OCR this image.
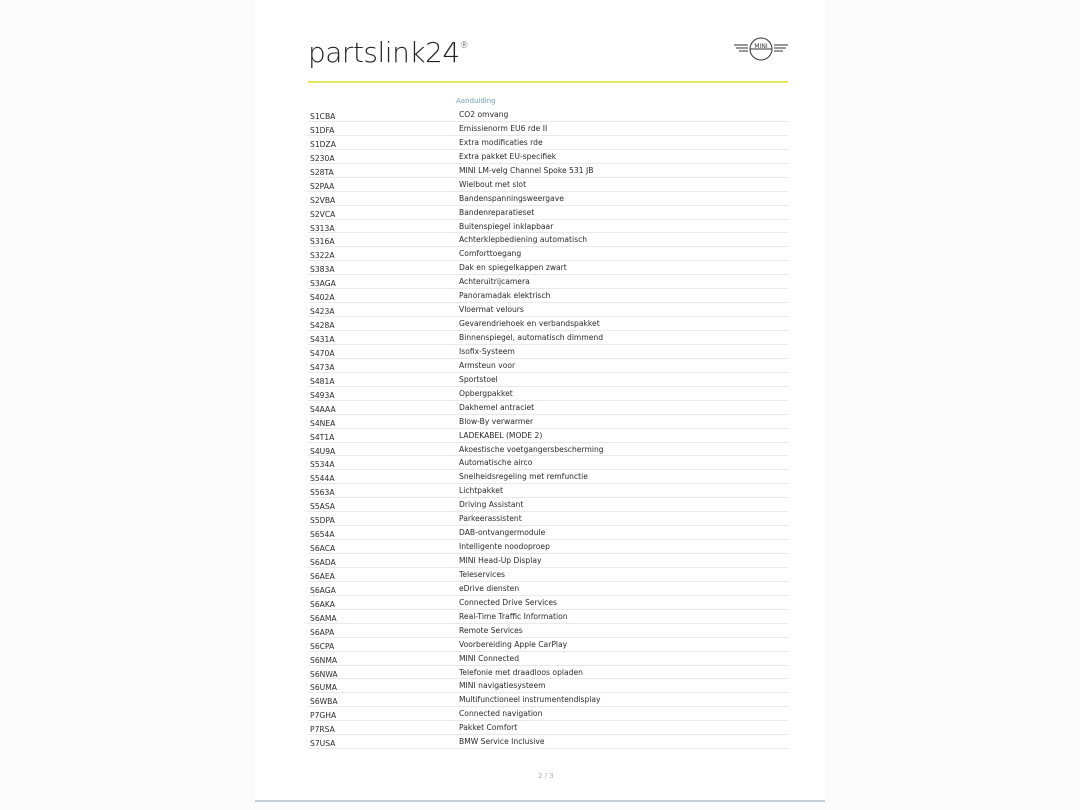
partslink24®	MINI
Aanduiding
S1CBA	CO2 omvang
S1DFA	Emissienorm EU6 rde II
S1DZA	Extra modificaties rde
S230A	Extra pakket EU-specifiek
S28TA	MINI LM-velg Channel Spoke 531 JB
S2PAA	Wielbout met slot
S2VBA	Bandenspanningsweergave
S2VCA	Bandenreparatieset
S313A	Buitenspiegel inklapbaar
S316A	Achterklepbediening automatisch
S322A	Comforttoegang
S383A	Dak en spiegelkappen zwart
S3AGA	Achteruitrijcamera
S402A	Panoramadak elektrisch
S423A	Vloermat velours
S428A	Gevarendriehoek en verbandspakket
S431A	Binnenspiegel, automatisch dimmend
S470A	Isofix-Systeem
S473A	Armsteun voor
S481A	Sportstoel
S493A	Opbergpakket
S4AAA	Dakhemel antraciet
S4NEA	Blow-By verwarmer
S4T1A	LADEKABEL (MODE 2)
S4U9A	Akoestische voetgangersbescherming
S534A	Automatische airco
S544A	Snelheidsregeling met remfunctie
S563A	Lichtpakket
S5ASA	Driving Assistant
S5DPA	Parkeerassistent
S654A	DAB-ontvangermodule
S6ACA	Intelligente noodoproep
S6ADA	MINI Head-Up Display
S6AEA	Teleservices
S6AGA	eDrive diensten
S6AKA	Connected Drive Services
S6AMA	Real-Time Traffic Information
S6APA	Remote Services
S6CPA	Voorbereiding Apple CarPlay
S6NMA	MINI Connected
S6NWA	Telefonie met draadloos opladen
S6UMA	MINI navigatiesysteem
S6WBA	Multifunctioneel instrumentendisplay
P7GHA	Connected navigation
P7RSA	Pakket Comfort
S7USA	BMW Service Inclusive
2 / 3
